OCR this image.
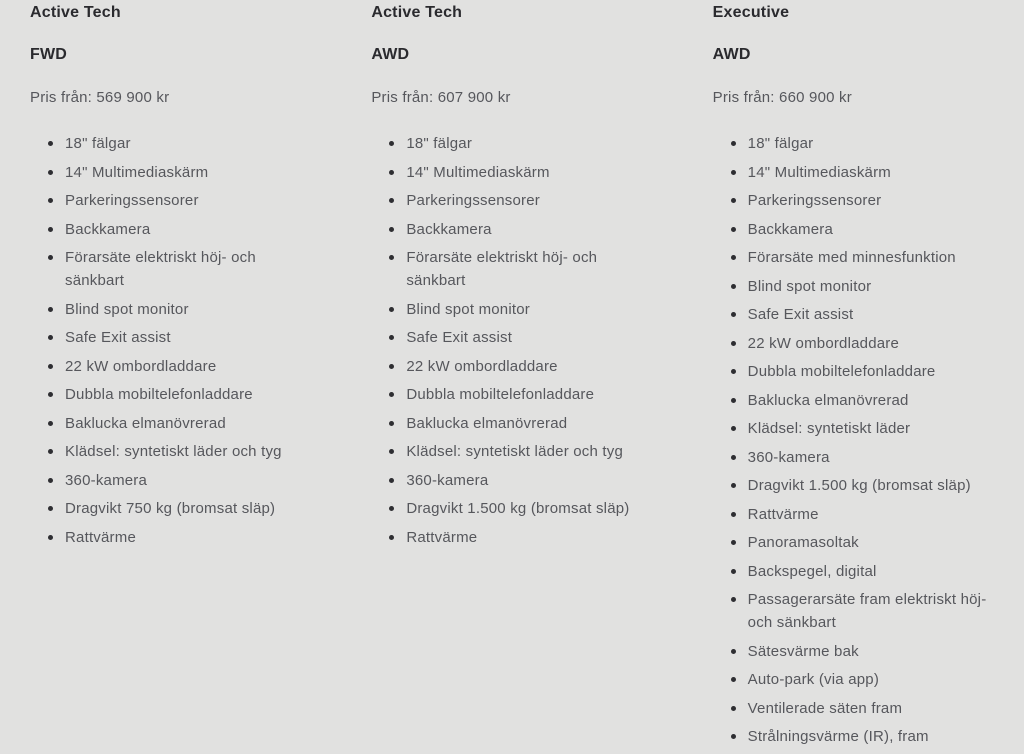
Active Tech
FWD
Pris från: 569 900 kr
18" fälgar
14" Multimediaskärm
Parkeringssensorer
Backkamera
Förarsäte elektriskt höj- och sänkbart
Blind spot monitor
Safe Exit assist
22 kW ombordladdare
Dubbla mobiltelefonladdare
Baklucka elmanövrerad
Klädsel: syntetiskt läder och tyg
360-kamera
Dragvikt 750 kg (bromsat släp)
Rattvärme
Active Tech
AWD
Pris från: 607 900 kr
18" fälgar
14" Multimediaskärm
Parkeringssensorer
Backkamera
Förarsäte elektriskt höj- och sänkbart
Blind spot monitor
Safe Exit assist
22 kW ombordladdare
Dubbla mobiltelefonladdare
Baklucka elmanövrerad
Klädsel: syntetiskt läder och tyg
360-kamera
Dragvikt 1.500 kg (bromsat släp)
Rattvärme
Executive
AWD
Pris från: 660 900 kr
18" fälgar
14" Multimediaskärm
Parkeringssensorer
Backkamera
Förarsäte med minnesfunktion
Blind spot monitor
Safe Exit assist
22 kW ombordladdare
Dubbla mobiltelefonladdare
Baklucka elmanövrerad
Klädsel: syntetiskt läder
360-kamera
Dragvikt 1.500 kg (bromsat släp)
Rattvärme
Panoramasoltak
Backspegel, digital
Passagerarsäte fram elektriskt höj- och sänkbart
Sätesvärme bak
Auto-park (via app)
Ventilerade säten fram
Strålningsvärme (IR), fram
